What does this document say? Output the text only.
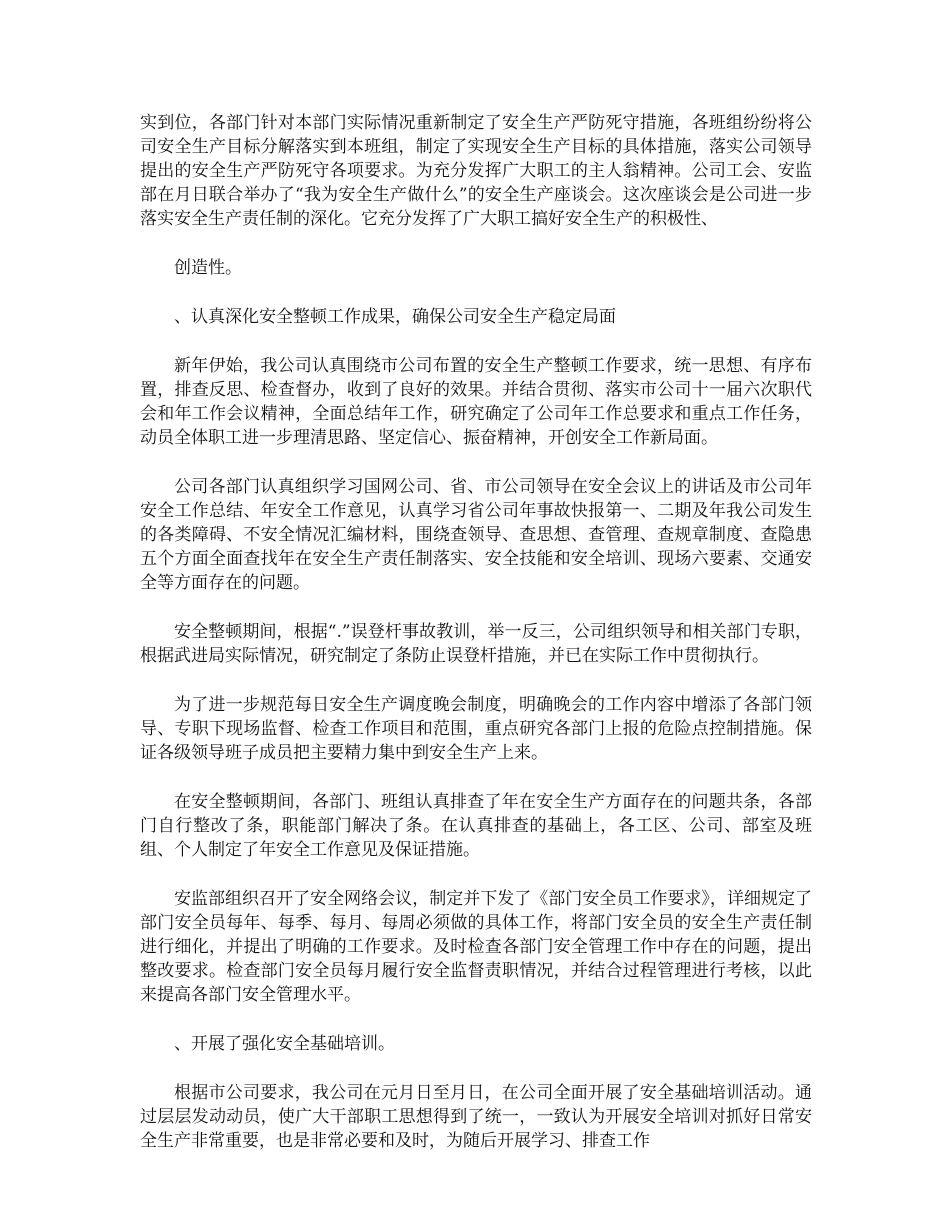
实到位，各部门针对本部门实际情况重新制定了安全生产严防死守措施，各班组纷纷将公司安全生产目标分解落实到本班组，制定了实现安全生产目标的具体措施，落实公司领导提出的安全生产严防死守各项要求。为充分发挥广大职工的主人翁精神。公司工会、安监部在月日联合举办了“我为安全生产做什么”的安全生产座谈会。这次座谈会是公司进一步落实安全生产责任制的深化。它充分发挥了广大职工搞好安全生产的积极性、

创造性。

、认真深化安全整顿工作成果，确保公司安全生产稳定局面

新年伊始，我公司认真围绕市公司布置的安全生产整顿工作要求，统一思想、有序布置，排查反思、检查督办，收到了良好的效果。并结合贯彻、落实市公司十一届六次职代会和年工作会议精神，全面总结年工作，研究确定了公司年工作总要求和重点工作任务，动员全体职工进一步理清思路、坚定信心、振奋精神，开创安全工作新局面。

公司各部门认真组织学习国网公司、省、市公司领导在安全会议上的讲话及市公司年安全工作总结、年安全工作意见，认真学习省公司年事故快报第一、二期及年我公司发生的各类障碍、不安全情况汇编材料，围绕查领导、查思想、查管理、查规章制度、查隐患五个方面全面查找年在安全生产责任制落实、安全技能和安全培训、现场六要素、交通安全等方面存在的问题。

安全整顿期间，根据“.”误登杆事故教训，举一反三，公司组织领导和相关部门专职，根据武进局实际情况，研究制定了条防止误登杆措施，并已在实际工作中贯彻执行。

为了进一步规范每日安全生产调度晚会制度，明确晚会的工作内容中增添了各部门领导、专职下现场监督、检查工作项目和范围，重点研究各部门上报的危险点控制措施。保证各级领导班子成员把主要精力集中到安全生产上来。

在安全整顿期间，各部门、班组认真排查了年在安全生产方面存在的问题共条，各部门自行整改了条，职能部门解决了条。在认真排查的基础上，各工区、公司、部室及班组、个人制定了年安全工作意见及保证措施。

安监部组织召开了安全网络会议，制定并下发了《部门安全员工作要求》，详细规定了部门安全员每年、每季、每月、每周必须做的具体工作，将部门安全员的安全生产责任制进行细化，并提出了明确的工作要求。及时检查各部门安全管理工作中存在的问题，提出整改要求。检查部门安全员每月履行安全监督责职情况，并结合过程管理进行考核，以此来提高各部门安全管理水平。

、开展了强化安全基础培训。

根据市公司要求，我公司在元月日至月日，在公司全面开展了安全基础培训活动。通过层层发动动员，使广大干部职工思想得到了统一，一致认为开展安全培训对抓好日常安全生产非常重要，也是非常必要和及时，为随后开展学习、排查工作
